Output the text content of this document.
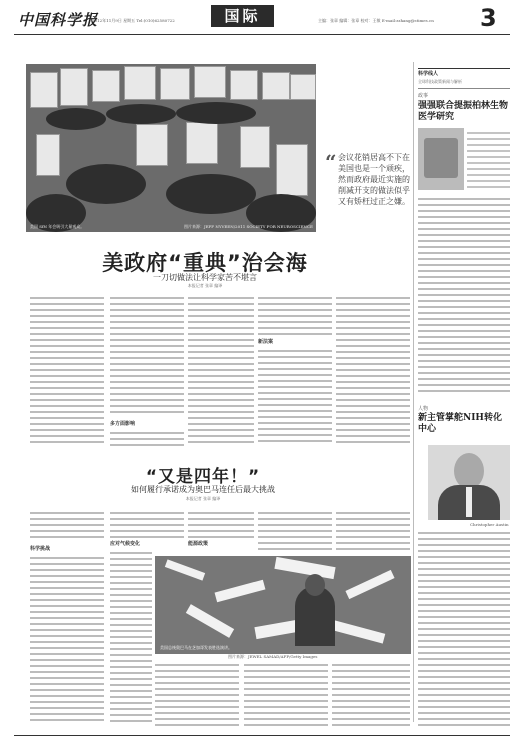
中国科学报
2012年11月9日 星期五 Tel:(010)62580722	国际	主编：张章 编辑：张章 校对：王敏 E-mail:zzhang@stimes.cn 3
美国 SfN 年会吸引大量观众。	图片来源：JEFF NYVEEN/2011 SOCIETY FOR NEUROSCIENCE
“ 会议花销居高不下在美国也是一个顽疾，然而政府最近实施的削减开支的做法似乎又有矫枉过正之嫌。
美政府“重典”治会海
一刀切做法让科学家苦不堪言
本报记者 张章 编译
多方面影响
新法案
科学线人
全球科技政策新闻与解析
政事
强强联合提振柏林生物医学研究
人物
新主管掌舵NIH转化中心
Christopher Austin
“又是四年！”
如何履行承诺成为奥巴马连任后最大挑战
本报记者 张章 编译
科学挑战
应对气候变化	能源政策
美国总统奥巴马在芝加哥发表胜选演讲。
图片来源：JEWEL SAMAD/AFP/Getty Images
